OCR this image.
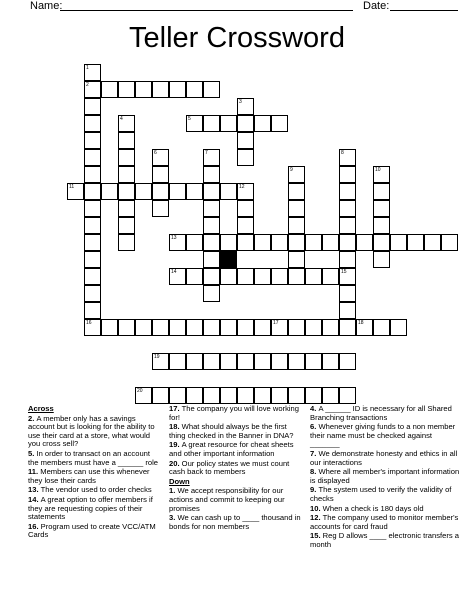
Name:	Date:
Teller Crossword
1
2
3
4	5
6	7	8
9	10
11	12
13
14	15
16	17	18
19
20
Across
2. A member only has a savings account but is looking for the ability to use their card at a store, what would you cross sell?
5. In order to transact on an account the members must have a ______ role
11. Members can use this whenever they lose their cards
13. The vendor used to order checks
14. A great option to offer members if they are requesting copies of their statements
16. Program used to create VCC/ATM Cards
17. The company you will love working for!
18. What should always be the first thing checked in the Banner in DNA?
19. A great resource for cheat sheets and other important information
20. Our policy states we must count cash back to members
Down
1. We accept responsibility for our actions and commit to keeping our promises
3. We can cash up to ____ thousand in bonds for non members
4. A ______ ID is necessary for all Shared Branching transactions
6. Whenever giving funds to a non member their name must be checked against _______
7. We demonstrate honesty and ethics in all our interactions
8. Where all member's important information is displayed
9. The system used to verify the validity of checks
10. When a check is 180 days old
12. The company used to monitor member's accounts for card fraud
15. Reg D allows ____ electronic transfers a month
